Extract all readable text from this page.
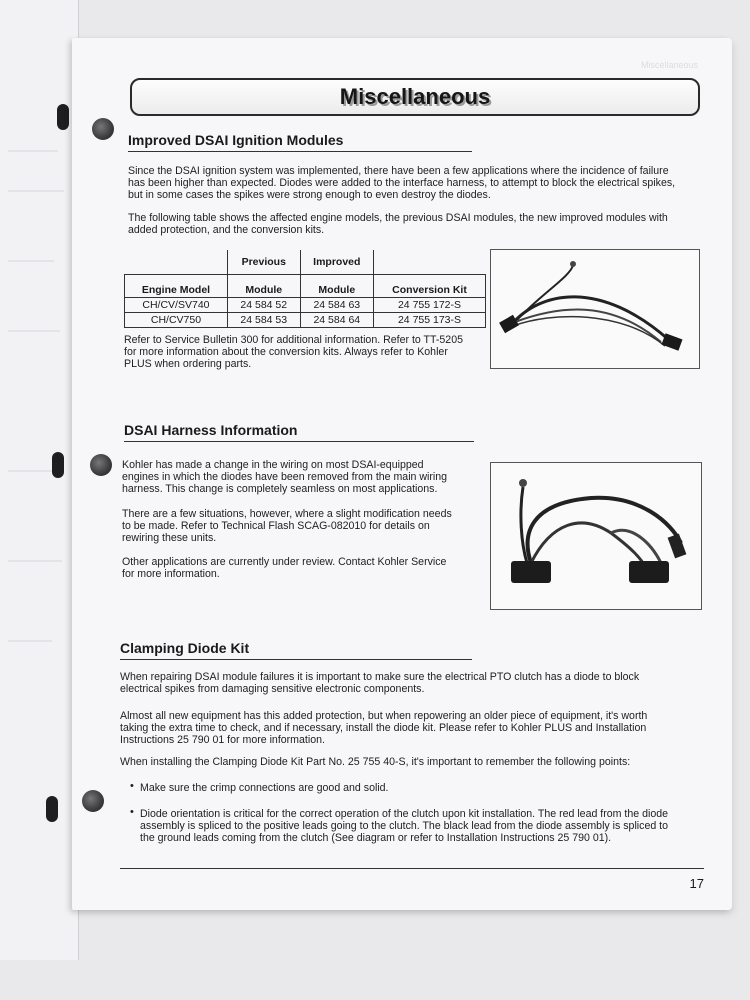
Miscellaneous
Miscellaneous
Improved DSAI Ignition Modules
Since the DSAI ignition system was implemented, there have been a few applications where the incidence of failure
has been higher than expected. Diodes were added to the interface harness, to attempt to block the electrical spikes,
but in some cases the spikes were strong enough to even destroy the diodes.
The following table shows the affected engine models, the previous DSAI modules, the new improved modules with
added protection, and the conversion kits.
	Previous	Improved	
Engine Model	Module	Module	Conversion Kit
CH/CV/SV740	24 584 52	24 584 63	24 755 172-S
CH/CV750	24 584 53	24 584 64	24 755 173-S
Refer to Service Bulletin 300 for additional information. Refer to TT-5205
for more information about the conversion kits. Always refer to Kohler
PLUS when ordering parts.
DSAI Harness Information
Kohler has made a change in the wiring on most DSAI-equipped
engines in which the diodes have been removed from the main wiring
harness. This change is completely seamless on most applications.
There are a few situations, however, where a slight modification needs
to be made. Refer to Technical Flash SCAG-082010 for details on
rewiring these units.
Other applications are currently under review. Contact Kohler Service
for more information.
Clamping Diode Kit
When repairing DSAI module failures it is important to make sure the electrical PTO clutch has a diode to block
electrical spikes from damaging sensitive electronic components.
Almost all new equipment has this added protection, but when repowering an older piece of equipment, it's worth
taking the extra time to check, and if necessary, install the diode kit. Please refer to Kohler PLUS and Installation
Instructions 25 790 01 for more information.
When installing the Clamping Diode Kit Part No. 25 755 40-S, it's important to remember the following points:
• Make sure the crimp connections are good and solid.
• Diode orientation is critical for the correct operation of the clutch upon kit installation. The red lead from the diode
assembly is spliced to the positive leads going to the clutch. The black lead from the diode assembly is spliced to
the ground leads coming from the clutch (See diagram or refer to Installation Instructions 25 790 01).
17
